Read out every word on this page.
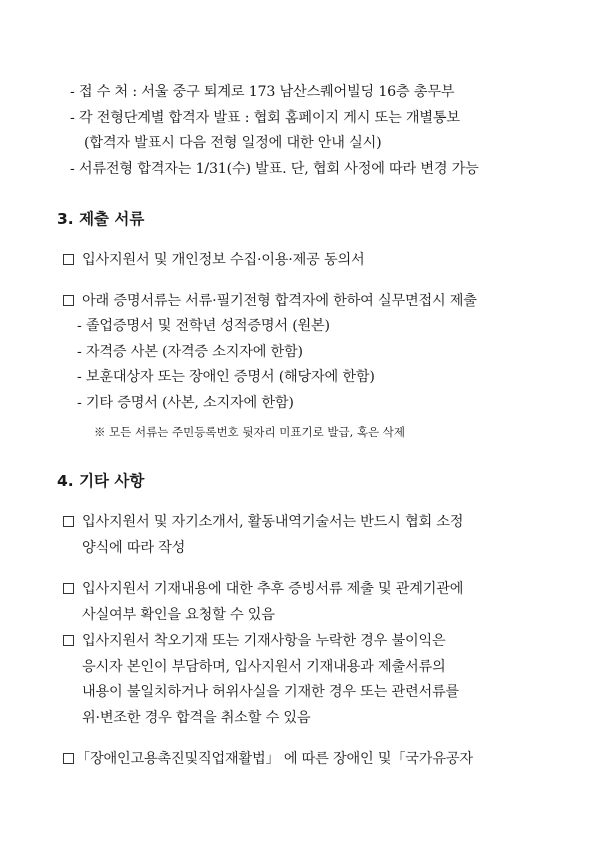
- 접 수 처 : 서울 중구 퇴계로 173 남산스퀘어빌딩 16층 총무부
- 각 전형단계별 합격자 발표 : 협회 홈페이지 게시 또는 개별통보
(합격자 발표시 다음 전형 일정에 대한 안내 실시)
- 서류전형 합격자는 1/31(수) 발표. 단, 협회 사정에 따라 변경 가능
3. 제출 서류
입사지원서 및 개인정보 수집·이용·제공 동의서
아래 증명서류는 서류·필기전형 합격자에 한하여 실무면접시 제출
- 졸업증명서 및 전학년 성적증명서 (원본)
- 자격증 사본 (자격증 소지자에 한함)
- 보훈대상자 또는 장애인 증명서 (해당자에 한함)
- 기타 증명서 (사본, 소지자에 한함)
※ 모든 서류는 주민등록번호 뒷자리 미표기로 발급, 혹은 삭제
4. 기타 사항
입사지원서 및 자기소개서, 활동내역기술서는 반드시 협회 소정
양식에 따라 작성
입사지원서 기재내용에 대한 추후 증빙서류 제출 및 관계기관에
사실여부 확인을 요청할 수 있음
입사지원서 착오기재 또는 기재사항을 누락한 경우 불이익은
응시자 본인이 부담하며, 입사지원서 기재내용과 제출서류의
내용이 불일치하거나 허위사실을 기재한 경우 또는 관련서류를
위·변조한 경우 합격을 취소할 수 있음
「장애인고용촉진및직업재활법」 에 따른 장애인 및「국가유공자
